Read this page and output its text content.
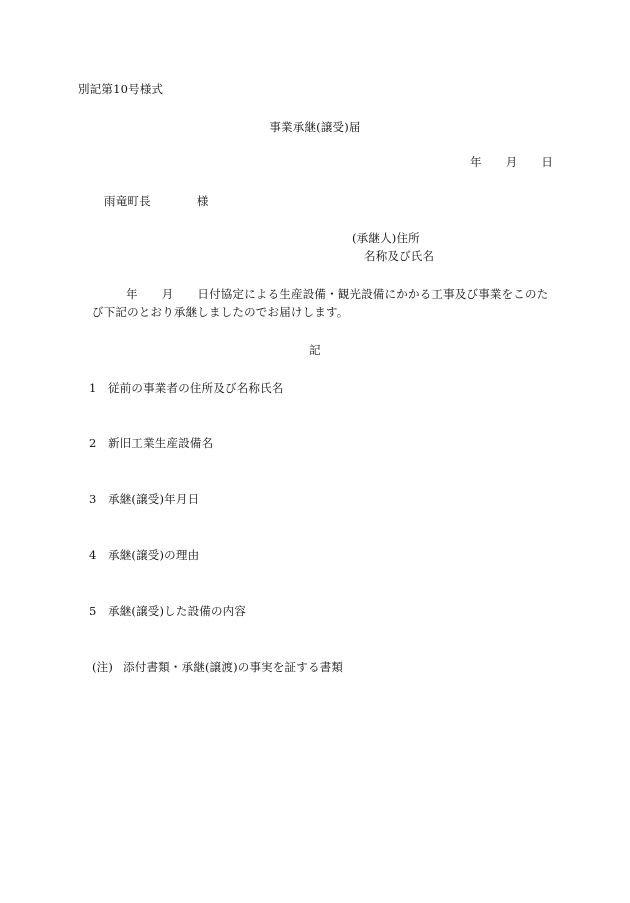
別記第10号様式
事業承継(譲受)届
年 月 日
雨竜町長	様
(承継人)住所
名称及び氏名
年 月 日付協定による生産設備・観光設備にかかる工事及び事業をこのた
び下記のとおり承継しましたのでお届けします。
記
1 従前の事業者の住所及び名称氏名
2 新旧工業生産設備名
3 承継(譲受)年月日
4 承継(譲受)の理由
5 承継(譲受)した設備の内容
(注) 添付書類・承継(譲渡)の事実を証する書類
